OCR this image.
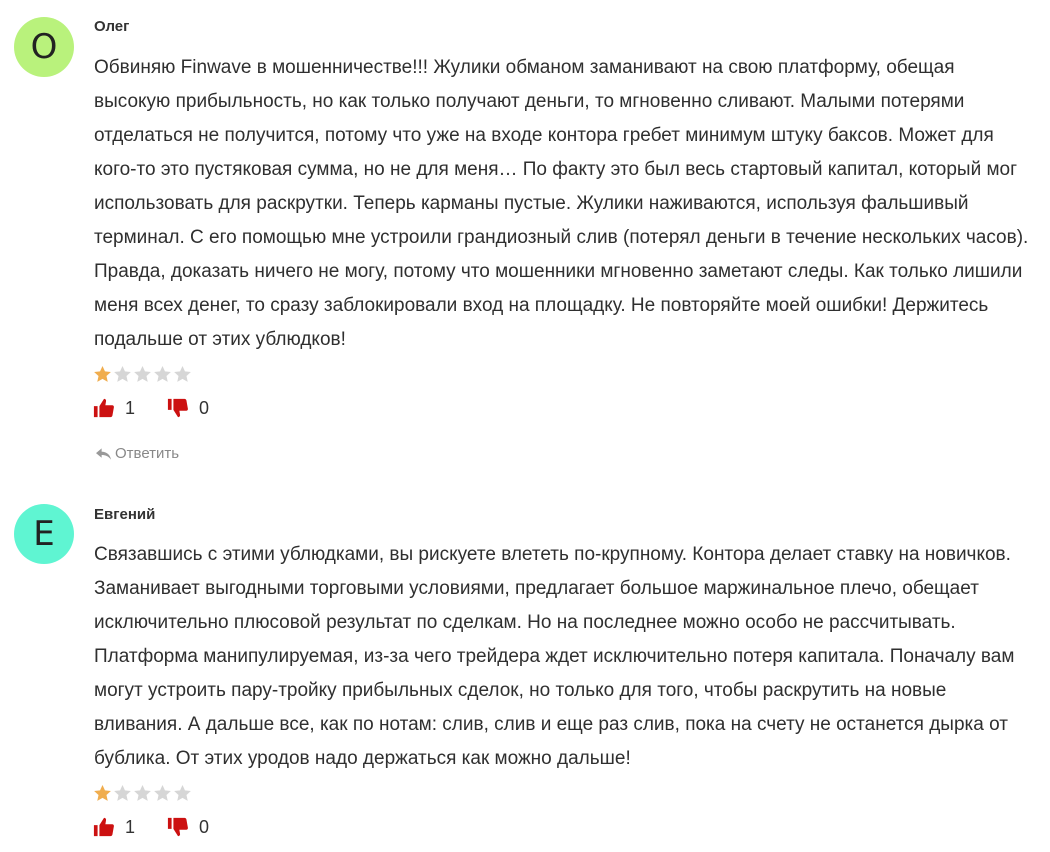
О
Олег
Обвиняю Finwave в мошенничестве!!! Жулики обманом заманивают на свою платформу, обещая высокую прибыльность, но как только получают деньги, то мгновенно сливают. Малыми потерями отделаться не получится, потому что уже на входе контора гребет минимум штуку баксов. Может для кого-то это пустяковая сумма, но не для меня… По факту это был весь стартовый капитал, который мог использовать для раскрутки. Теперь карманы пустые. Жулики наживаются, используя фальшивый терминал. С его помощью мне устроили грандиозный слив (потерял деньги в течение нескольких часов). Правда, доказать ничего не могу, потому что мошенники мгновенно заметают следы. Как только лишили меня всех денег, то сразу заблокировали вход на площадку. Не повторяйте моей ошибки! Держитесь подальше от этих ублюдков!
1	0
Ответить
Е	Евгений
Связавшись с этими ублюдками, вы рискуете влететь по-крупному. Контора делает ставку на новичков. Заманивает выгодными торговыми условиями, предлагает большое маржинальное плечо, обещает исключительно плюсовой результат по сделкам. Но на последнее можно особо не рассчитывать. Платформа манипулируемая, из-за чего трейдера ждет исключительно потеря капитала. Поначалу вам могут устроить пару-тройку прибыльных сделок, но только для того, чтобы раскрутить на новые вливания. А дальше все, как по нотам: слив, слив и еще раз слив, пока на счету не останется дырка от бублика. От этих уродов надо держаться как можно дальше!
1	0
